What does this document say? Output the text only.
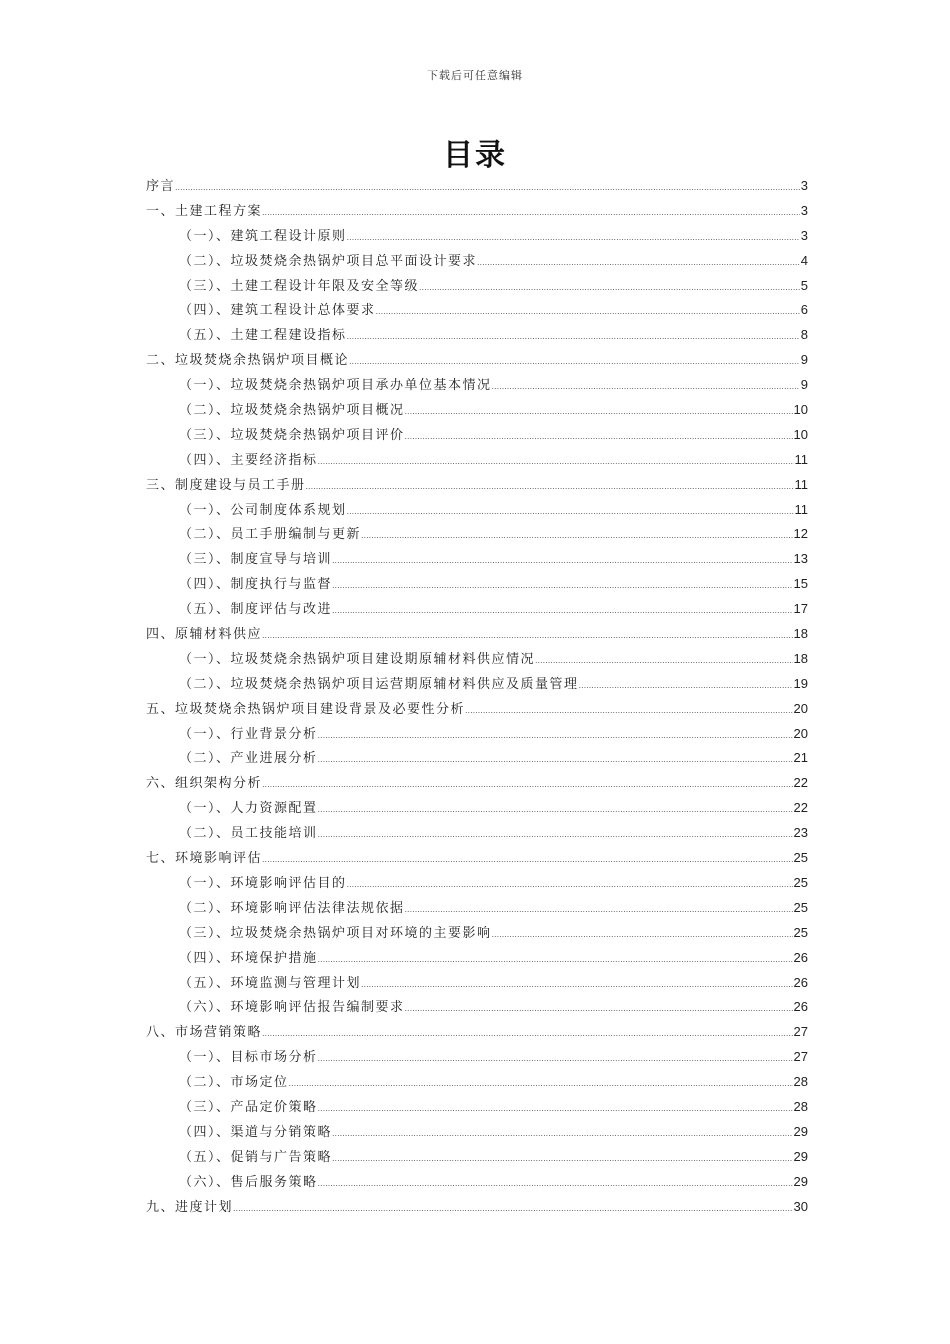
下载后可任意编辑
目录
序言 .....	3
一、土建工程方案 .....	3
（一）、建筑工程设计原则 .....	3
（二）、垃圾焚烧余热锅炉项目总平面设计要求 .....	4
（三）、土建工程设计年限及安全等级 .....	5
（四）、建筑工程设计总体要求 .....	6
（五）、土建工程建设指标 .....	8
二、垃圾焚烧余热锅炉项目概论 .....	9
（一）、垃圾焚烧余热锅炉项目承办单位基本情况 .....	9
（二）、垃圾焚烧余热锅炉项目概况 .....	10
（三）、垃圾焚烧余热锅炉项目评价 .....	10
（四）、主要经济指标 .....	11
三、制度建设与员工手册 .....	11
（一）、公司制度体系规划 .....	11
（二）、员工手册编制与更新 .....	12
（三）、制度宣导与培训 .....	13
（四）、制度执行与监督 .....	15
（五）、制度评估与改进 .....	17
四、原辅材料供应 .....	18
（一）、垃圾焚烧余热锅炉项目建设期原辅材料供应情况 .....	18
（二）、垃圾焚烧余热锅炉项目运营期原辅材料供应及质量管理 .....	19
五、垃圾焚烧余热锅炉项目建设背景及必要性分析 .....	20
（一）、行业背景分析 .....	20
（二）、产业进展分析 .....	21
六、组织架构分析 .....	22
（一）、人力资源配置 .....	22
（二）、员工技能培训 .....	23
七、环境影响评估 .....	25
（一）、环境影响评估目的 .....	25
（二）、环境影响评估法律法规依据 .....	25
（三）、垃圾焚烧余热锅炉项目对环境的主要影响 .....	25
（四）、环境保护措施 .....	26
（五）、环境监测与管理计划 .....	26
（六）、环境影响评估报告编制要求 .....	26
八、市场营销策略 .....	27
（一）、目标市场分析 .....	27
（二）、市场定位 .....	28
（三）、产品定价策略 .....	28
（四）、渠道与分销策略 .....	29
（五）、促销与广告策略 .....	29
（六）、售后服务策略 .....	29
九、进度计划 .....	30
